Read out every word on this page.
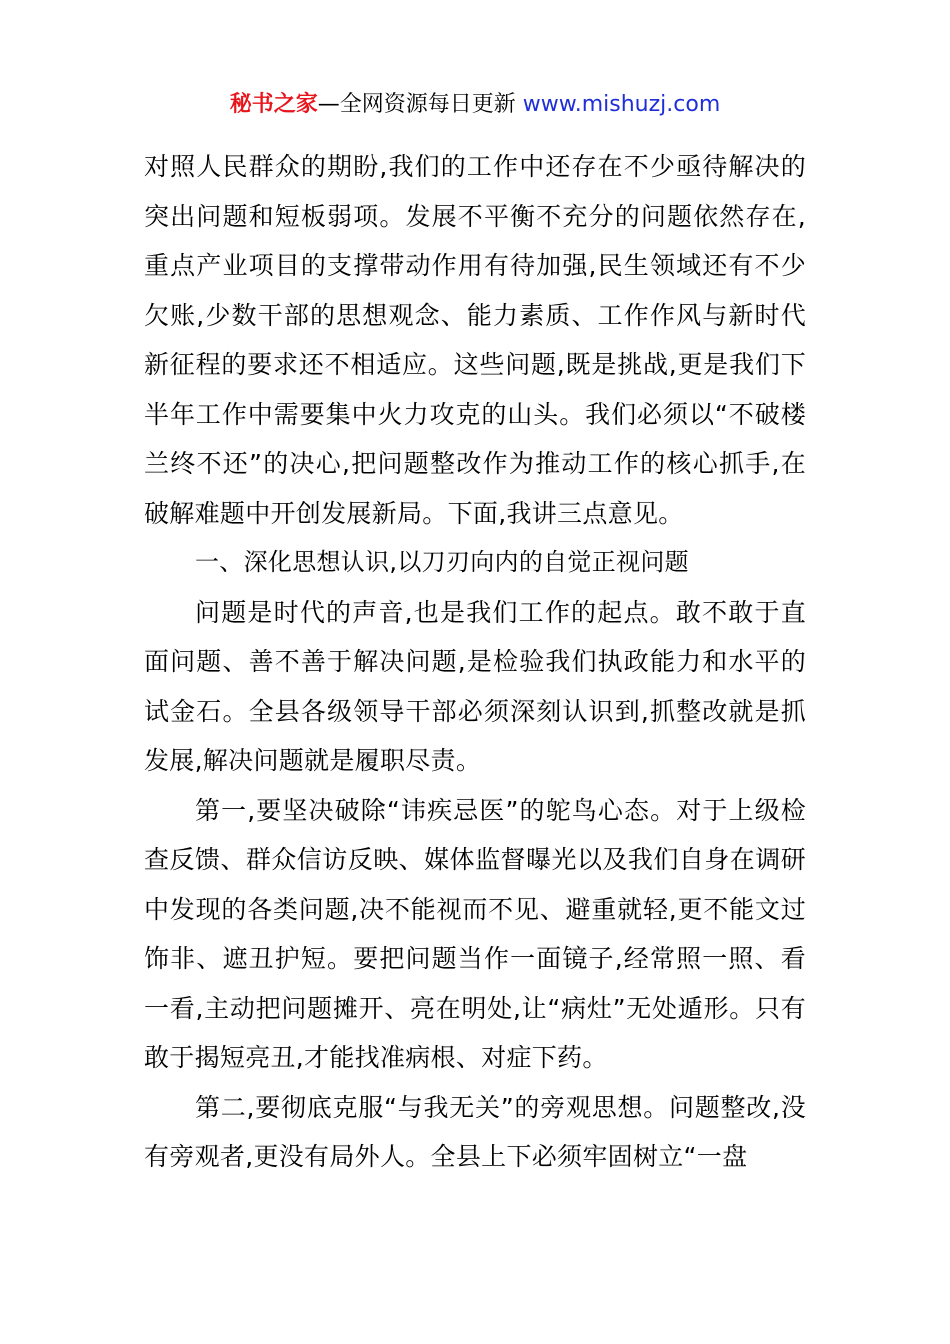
秘书之家—全网资源每日更新 www.mishuzj.com

对照人民群众的期盼,我们的工作中还存在不少亟待解决的突出问题和短板弱项。发展不平衡不充分的问题依然存在,重点产业项目的支撑带动作用有待加强,民生领域还有不少欠账,少数干部的思想观念、能力素质、工作作风与新时代新征程的要求还不相适应。这些问题,既是挑战,更是我们下半年工作中需要集中火力攻克的山头。我们必须以“不破楼兰终不还”的决心,把问题整改作为推动工作的核心抓手,在破解难题中开创发展新局。下面,我讲三点意见。

一、深化思想认识,以刀刃向内的自觉正视问题

问题是时代的声音,也是我们工作的起点。敢不敢于直面问题、善不善于解决问题,是检验我们执政能力和水平的试金石。全县各级领导干部必须深刻认识到,抓整改就是抓发展,解决问题就是履职尽责。

第一,要坚决破除“讳疾忌医”的鸵鸟心态。对于上级检查反馈、群众信访反映、媒体监督曝光以及我们自身在调研中发现的各类问题,决不能视而不见、避重就轻,更不能文过饰非、遮丑护短。要把问题当作一面镜子,经常照一照、看一看,主动把问题摊开、亮在明处,让“病灶”无处遁形。只有敢于揭短亮丑,才能找准病根、对症下药。

第二,要彻底克服“与我无关”的旁观思想。问题整改,没有旁观者,更没有局外人。全县上下必须牢固树立“一盘
